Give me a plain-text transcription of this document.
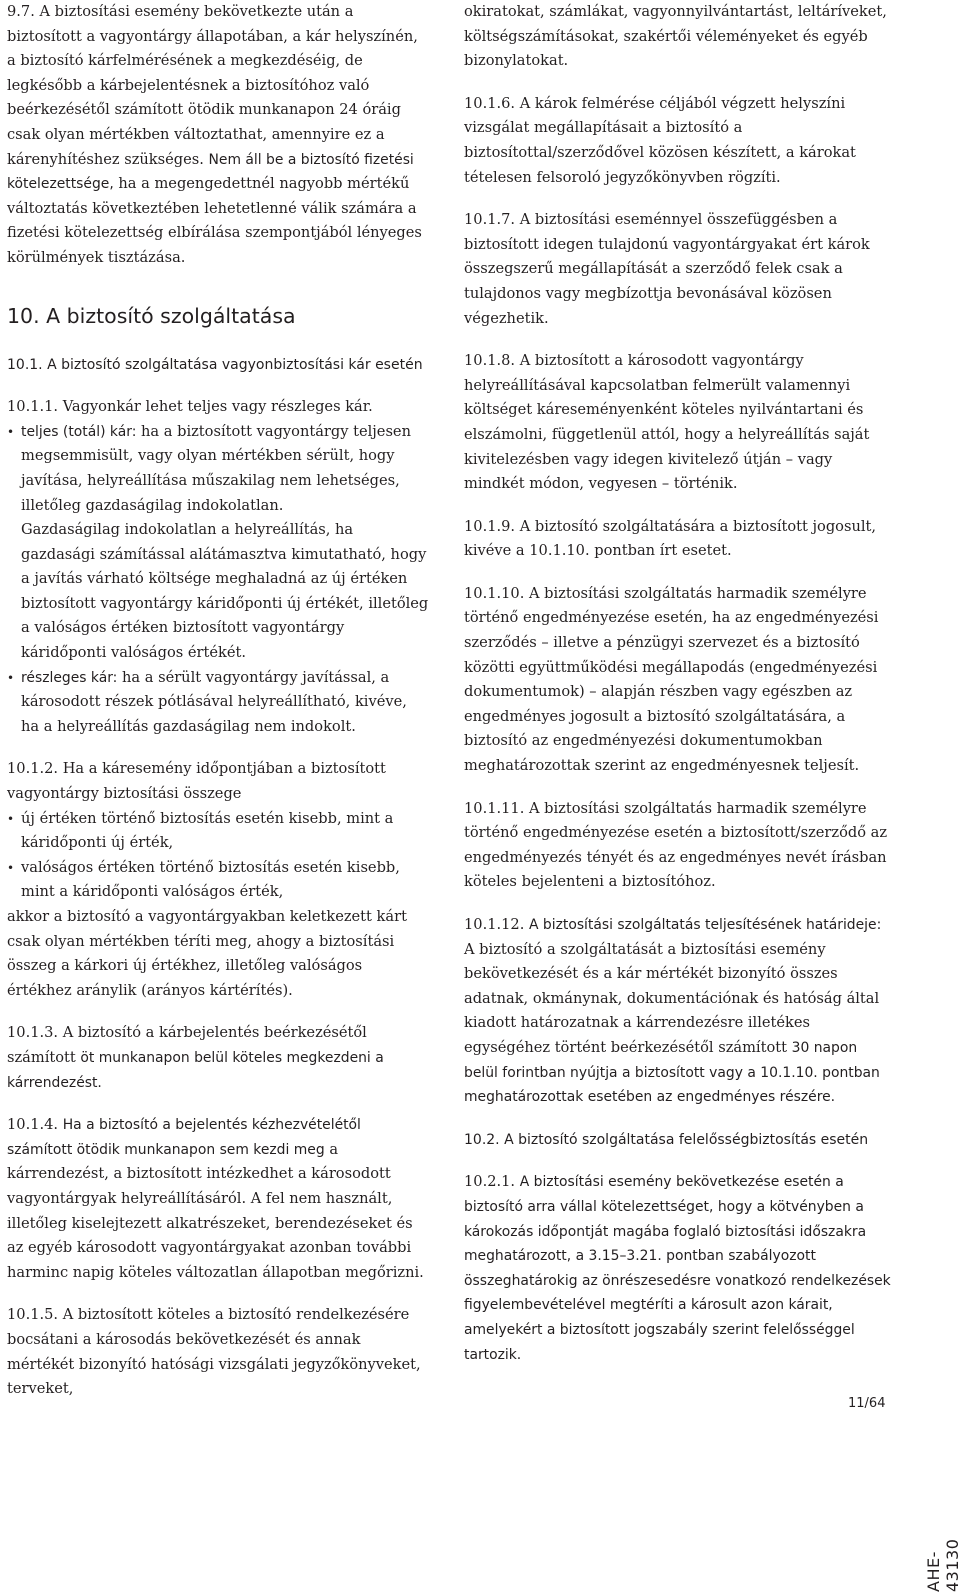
9.7. A biztosítási esemény bekövetkezte után a biztosított a vagyontárgy állapotában, a kár helyszínén, a biztosító kárfelmérésének a megkezdéséig, de legkésőbb a kárbejelentésnek a biztosítóhoz való beérkezésétől számított ötödik munkanapon 24 óráig csak olyan mértékben változtathat, amennyire ez a kárenyhítéshez szükséges. Nem áll be a biztosító fizetési kötelezettsége, ha a megengedettnél nagyobb mértékű változtatás következtében lehetetlenné válik számára a fizetési kötelezettség elbírálása szempontjából lényeges körülmények tisztázása.

10. A biztosító szolgáltatása
10.1. A biztosító szolgáltatása vagyonbiztosítási kár esetén

10.1.1. Vagyonkár lehet teljes vagy részleges kár.

• teljes (totál) kár: ha a biztosított vagyontárgy teljesen megsemmisült, vagy olyan mértékben sérült, hogy javítása, helyreállítása műszakilag nem lehetséges, illetőleg gazdaságilag indokolatlan.
Gazdaságilag indokolatlan a helyreállítás, ha gazdasági számítással alátámasztva kimutatható, hogy a javítás várható költsége meghaladná az új értéken biztosított vagyontárgy káridőponti új értékét, illetőleg a valóságos értéken biztosított vagyontárgy káridőponti valóságos értékét.
• részleges kár: ha a sérült vagyontárgy javítással, a károsodott részek pótlásával helyreállítható, kivéve, ha a helyreállítás gazdaságilag nem indokolt.

10.1.2. Ha a káresemény időpontjában a biztosított vagyontárgy biztosítási összege

• új értéken történő biztosítás esetén kisebb, mint a káridőponti új érték,
• valóságos értéken történő biztosítás esetén kisebb, mint a káridőponti valóságos érték,

akkor a biztosító a vagyontárgyakban keletkezett kárt csak olyan mértékben téríti meg, ahogy a biztosítási összeg a kárkori új értékhez, illetőleg valóságos értékhez aránylik (arányos kártérítés).

10.1.3. A biztosító a kárbejelentés beérkezésétől számított öt munkanapon belül köteles megkezdeni a kárrendezést.

10.1.4. Ha a biztosító a bejelentés kézhezvételétől számított ötödik munkanapon sem kezdi meg a kárrendezést, a biztosított intézkedhet a károsodott vagyontárgyak helyreállításáról. A fel nem használt, illetőleg kiselejtezett alkatrészeket, berendezéseket és az egyéb károsodott vagyontárgyakat azonban további harminc napig köteles változatlan állapotban megőrizni.

10.1.5. A biztosított köteles a biztosító rendelkezésére bocsátani a károsodás bekövetkezését és annak mértékét bizonyító hatósági vizsgálati jegyzőkönyveket, terveket,

okiratokat, számlákat, vagyonnyilvántartást, leltáríveket, költségszámításokat, szakértői véleményeket és egyéb bizonylatokat.

10.1.6. A károk felmérése céljából végzett helyszíni vizsgálat megállapításait a biztosító a biztosítottal/szerződővel közösen készített, a károkat tételesen felsoroló jegyzőkönyvben rögzíti.

10.1.7. A biztosítási eseménnyel összefüggésben a biztosított idegen tulajdonú vagyontárgyakat ért károk összegszerű megállapítását a szerződő felek csak a tulajdonos vagy megbízottja bevonásával közösen végezhetik.

10.1.8. A biztosított a károsodott vagyontárgy helyreállításával kapcsolatban felmerült valamennyi költséget káreseményenként köteles nyilvántartani és elszámolni, függetlenül attól, hogy a helyreállítás saját kivitelezésben vagy idegen kivitelező útján – vagy mindkét módon, vegyesen – történik.

10.1.9. A biztosító szolgáltatására a biztosított jogosult, kivéve a 10.1.10. pontban írt esetet.

10.1.10. A biztosítási szolgáltatás harmadik személyre történő engedményezése esetén, ha az engedményezési szerződés – illetve a pénzügyi szervezet és a biztosító közötti együttműködési megállapodás (engedményezési dokumentumok) – alapján részben vagy egészben az engedményes jogosult a biztosító szolgáltatására, a biztosító az engedményezési dokumentumokban meghatározottak szerint az engedményesnek teljesít.

10.1.11. A biztosítási szolgáltatás harmadik személyre történő engedményezése esetén a biztosított/szerződő az engedményezés tényét és az engedményes nevét írásban köteles bejelenteni a biztosítóhoz.

10.1.12. A biztosítási szolgáltatás teljesítésének határideje: A biztosító a szolgáltatását a biztosítási esemény bekövetkezését és a kár mértékét bizonyító összes adatnak, okmánynak, dokumentációnak és hatóság által kiadott határozatnak a kárrendezésre illetékes egységéhez történt beérkezésétől számított 30 napon belül forintban nyújtja a biztosított vagy a 10.1.10. pontban meghatározottak esetében az engedményes részére.

10.2. A biztosító szolgáltatása felelősségbiztosítás esetén

10.2.1. A biztosítási esemény bekövetkezése esetén a biztosító arra vállal kötelezettséget, hogy a kötvényben a károkozás időpontját magába foglaló biztosítási időszakra meghatározott, a 3.15–3.21. pontban szabályozott összeghatárokig az önrészesedésre vonatkozó rendelkezések figyelembevételével megtéríti a károsult azon kárait, amelyekért a biztosított jogszabály szerint felelősséggel tartozik.

AHE-43130
11/64
